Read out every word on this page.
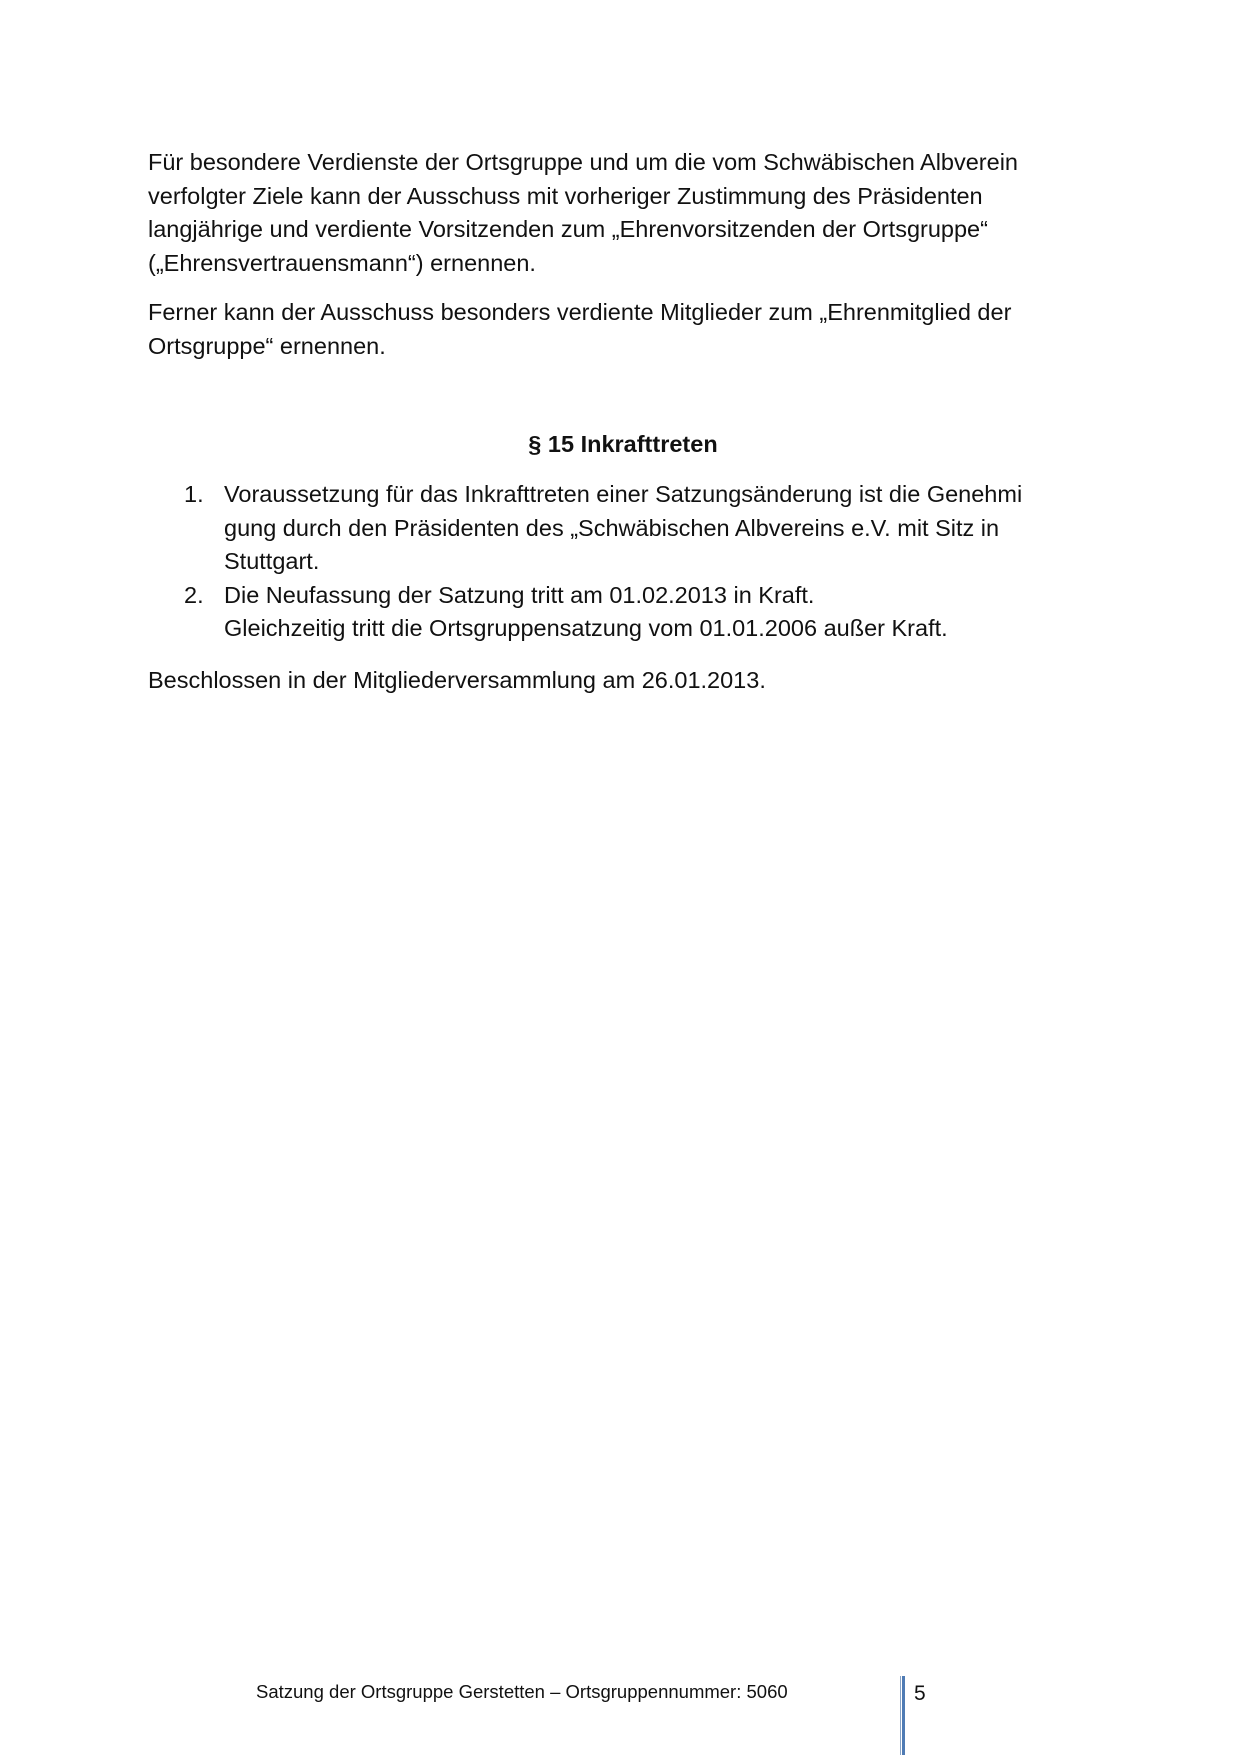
Für besondere Verdienste der Ortsgruppe und um die vom Schwäbischen Albverein
verfolgter Ziele kann der Ausschuss mit vorheriger Zustimmung des Präsidenten
langjährige und verdiente Vorsitzenden zum „Ehrenvorsitzenden der Ortsgruppe“
(„Ehrensvertrauensmann“) ernennen.

Ferner kann der Ausschuss besonders verdiente Mitglieder zum „Ehrenmitglied der
Ortsgruppe“ ernennen.

§ 15 Inkrafttreten
1. Voraussetzung für das Inkrafttreten einer Satzungsänderung ist die Genehmi
gung durch den Präsidenten des „Schwäbischen Albvereins e.V. mit Sitz in
Stuttgart.
2. Die Neufassung der Satzung tritt am 01.02.2013 in Kraft.
Gleichzeitig tritt die Ortsgruppensatzung vom 01.01.2006 außer Kraft.

Beschlossen in der Mitgliederversammlung am 26.01.2013.

Satzung der Ortsgruppe Gerstetten – Ortsgruppennummer: 5060	5
